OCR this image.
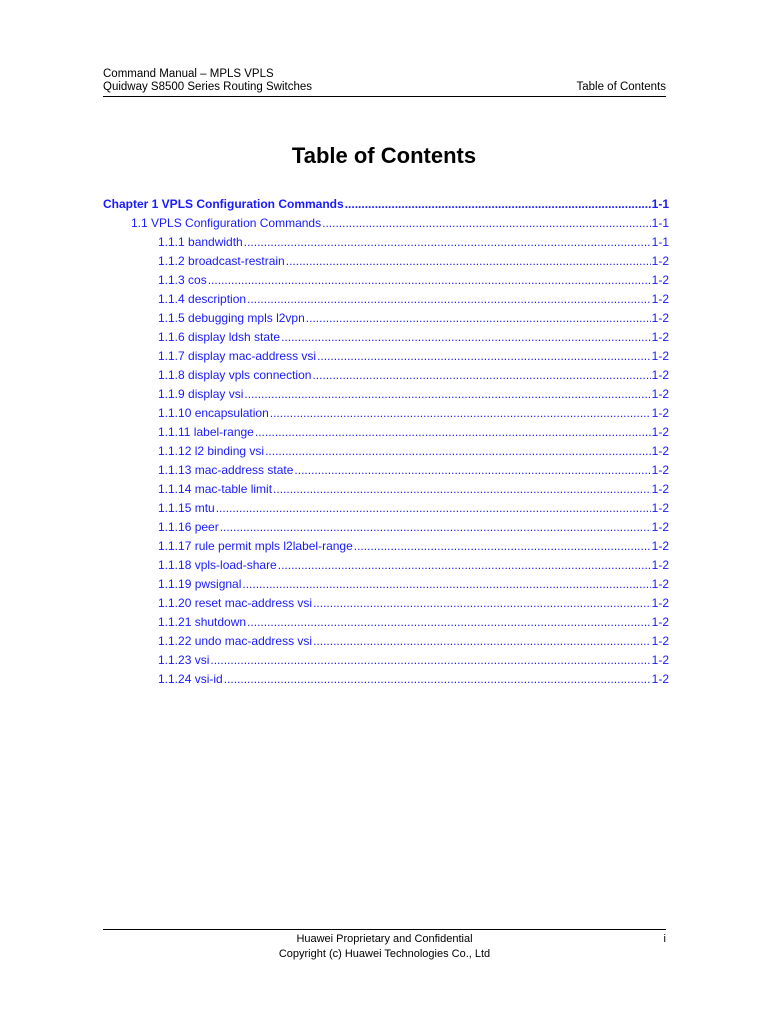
Command Manual – MPLS VPLS
Quidway S8500 Series Routing Switches	Table of Contents
Table of Contents
Chapter 1 VPLS Configuration Commands .....	1-1
1.1 VPLS Configuration Commands .....	1-1
1.1.1 bandwidth .....	1-1
1.1.2 broadcast-restrain .....	1-2
1.1.3 cos .....	1-2
1.1.4 description .....	1-2
1.1.5 debugging mpls l2vpn .....	1-2
1.1.6 display ldsh state .....	1-2
1.1.7 display mac-address vsi .....	1-2
1.1.8 display vpls connection .....	1-2
1.1.9 display vsi .....	1-2
1.1.10 encapsulation .....	1-2
1.1.11 label-range .....	1-2
1.1.12 l2 binding vsi .....	1-2
1.1.13 mac-address state .....	1-2
1.1.14 mac-table limit .....	1-2
1.1.15 mtu .....	1-2
1.1.16 peer .....	1-2
1.1.17 rule permit mpls l2label-range .....	1-2
1.1.18 vpls-load-share .....	1-2
1.1.19 pwsignal .....	1-2
1.1.20 reset mac-address vsi .....	1-2
1.1.21 shutdown .....	1-2
1.1.22 undo mac-address vsi .....	1-2
1.1.23 vsi .....	1-2
1.1.24 vsi-id .....	1-2
Huawei Proprietary and Confidential
Copyright (c) Huawei Technologies Co., Ltd
i
